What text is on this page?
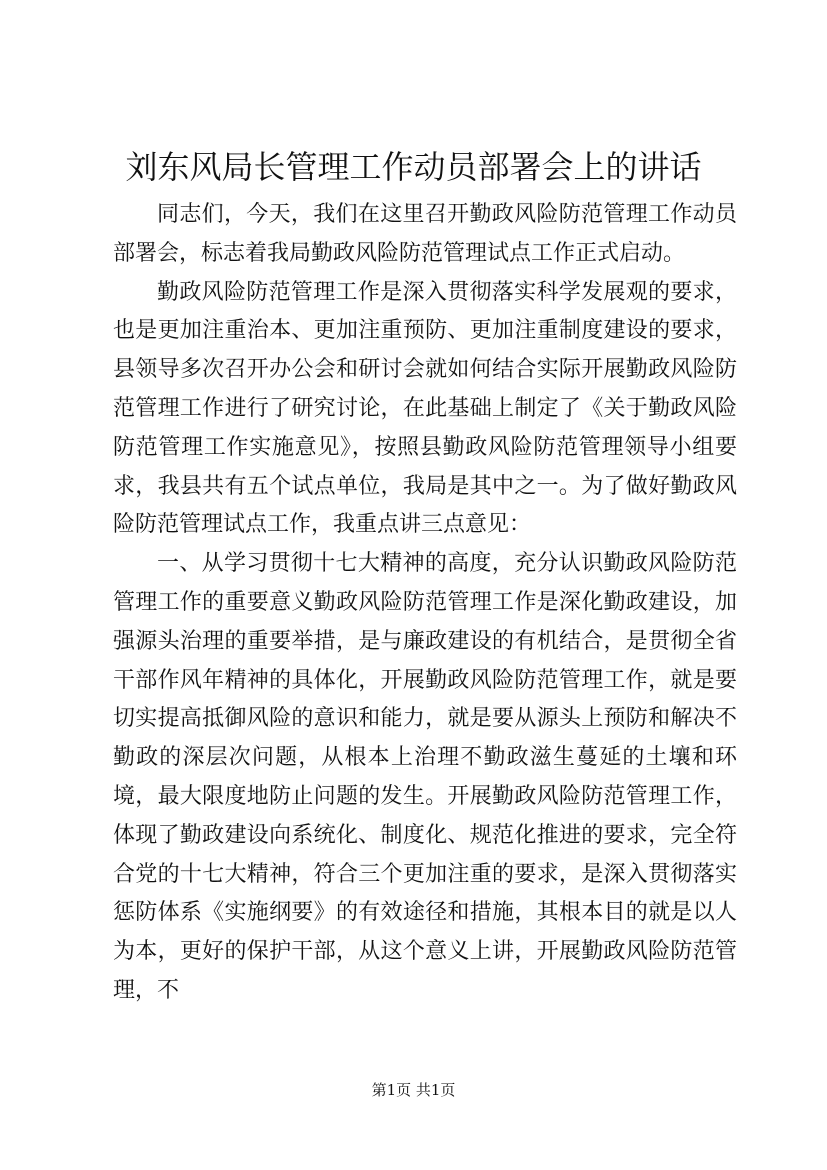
刘东风局长管理工作动员部署会上的讲话

同志们，今天，我们在这里召开勤政风险防范管理工作动员部署会，标志着我局勤政风险防范管理试点工作正式启动。

勤政风险防范管理工作是深入贯彻落实科学发展观的要求，也是更加注重治本、更加注重预防、更加注重制度建设的要求，县领导多次召开办公会和研讨会就如何结合实际开展勤政风险防范管理工作进行了研究讨论，在此基础上制定了《关于勤政风险防范管理工作实施意见》，按照县勤政风险防范管理领导小组要求，我县共有五个试点单位，我局是其中之一。为了做好勤政风险防范管理试点工作，我重点讲三点意见：

一、从学习贯彻十七大精神的高度，充分认识勤政风险防范管理工作的重要意义勤政风险防范管理工作是深化勤政建设，加强源头治理的重要举措，是与廉政建设的有机结合，是贯彻全省干部作风年精神的具体化，开展勤政风险防范管理工作，就是要切实提高抵御风险的意识和能力，就是要从源头上预防和解决不勤政的深层次问题，从根本上治理不勤政滋生蔓延的土壤和环境，最大限度地防止问题的发生。开展勤政风险防范管理工作，体现了勤政建设向系统化、制度化、规范化推进的要求，完全符合党的十七大精神，符合三个更加注重的要求，是深入贯彻落实惩防体系《实施纲要》的有效途径和措施，其根本目的就是以人为本，更好的保护干部，从这个意义上讲，开展勤政风险防范管理，不

第1页 共1页
